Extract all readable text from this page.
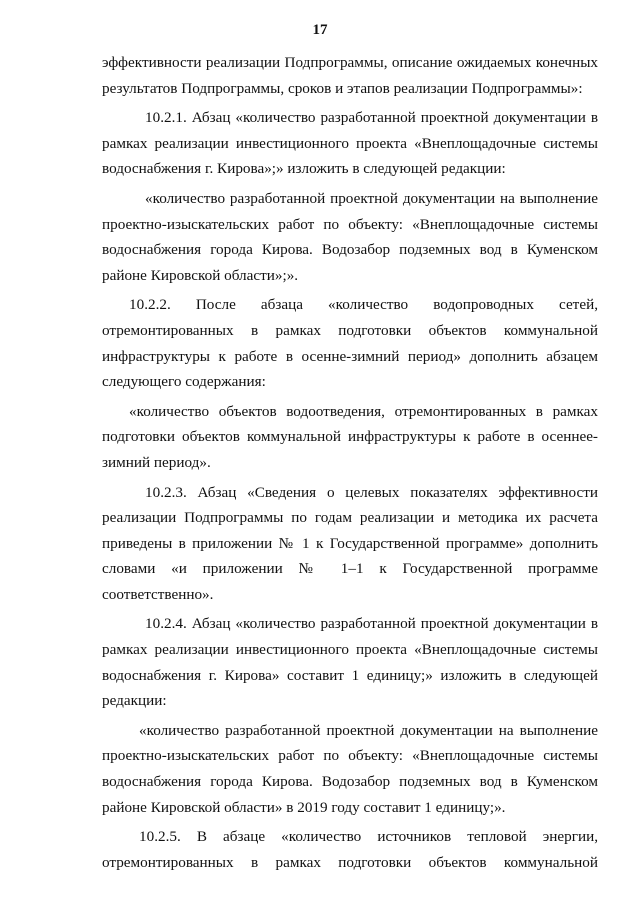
17

эффективности реализации Подпрограммы, описание ожидаемых конечных результатов Подпрограммы, сроков и этапов реализации Подпрограммы»:

10.2.1. Абзац «количество разработанной проектной документации в рамках реализации инвестиционного проекта «Внеплощадочные системы водоснабжения г. Кирова»;» изложить в следующей редакции:

«количество разработанной проектной документации на выполнение проектно-изыскательских работ по объекту: «Внеплощадочные системы водоснабжения города Кирова. Водозабор подземных вод в Куменском районе Кировской области»;».

10.2.2. После абзаца «количество водопроводных сетей, отремонтированных в рамках подготовки объектов коммунальной инфраструктуры к работе в осенне-зимний период» дополнить абзацем следующего содержания:

«количество объектов водоотведения, отремонтированных в рамках подготовки объектов коммунальной инфраструктуры к работе в осеннее-зимний период».

10.2.3. Абзац «Сведения о целевых показателях эффективности реализации Подпрограммы по годам реализации и методика их расчета приведены в приложении № 1 к Государственной программе» дополнить словами «и приложении № 1–1 к Государственной программе соответственно».

10.2.4. Абзац «количество разработанной проектной документации в рамках реализации инвестиционного проекта «Внеплощадочные системы водоснабжения г. Кирова» составит 1 единицу;» изложить в следующей редакции:

«количество разработанной проектной документации на выполнение проектно-изыскательских работ по объекту: «Внеплощадочные системы водоснабжения города Кирова. Водозабор подземных вод в Куменском районе Кировской области» в 2019 году составит 1 единицу;».

10.2.5. В абзаце «количество источников тепловой энергии, отремонтированных в рамках подготовки объектов коммунальной
